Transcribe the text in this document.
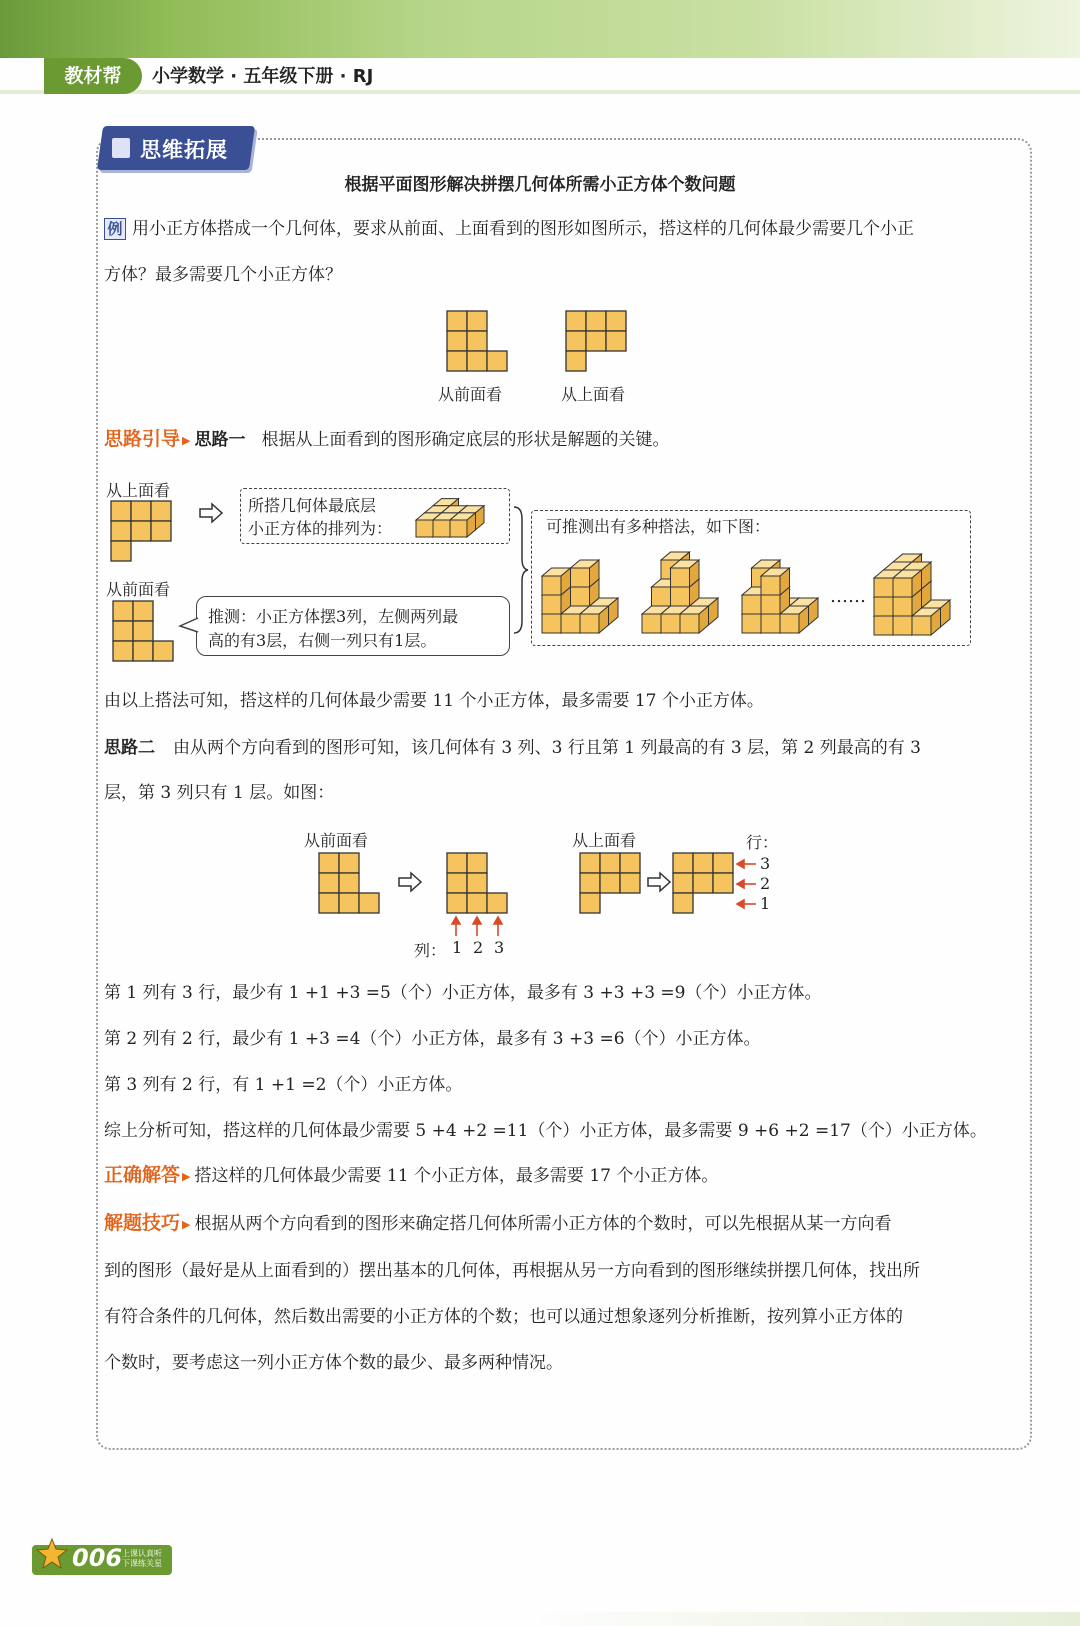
教材帮	小学数学 · 五年级下册 · RJ
思维拓展
根据平面图形解决拼摆几何体所需小正方体个数问题
例 用小正方体搭成一个几何体，要求从前面、上面看到的图形如图所示，搭这样的几何体最少需要几个小正
方体？最多需要几个小正方体？
从前面看	从上面看
思路引导 ▶ 思路一 根据从上面看到的图形确定底层的形状是解题的关键。
从上面看
所搭几何体最底层
小正方体的排列为：
从前面看
推测：小正方体摆3列，左侧两列最
高的有3层，右侧一列只有1层。
可推测出有多种搭法，如下图：
……
由以上搭法可知，搭这样的几何体最少需要 11 个小正方体，最多需要 17 个小正方体。
思路二 由从两个方向看到的图形可知，该几何体有 3 列、3 行且第 1 列最高的有 3 层，第 2 列最高的有 3
层，第 3 列只有 1 层。如图：
从前面看
列： 1 2 3
从上面看	行：
3
2
1
第 1 列有 3 行，最少有 1 +1 +3 =5（个）小正方体，最多有 3 +3 +3 =9（个）小正方体。
第 2 列有 2 行，最少有 1 +3 =4（个）小正方体，最多有 3 +3 =6（个）小正方体。
第 3 列有 2 行，有 1 +1 =2（个）小正方体。
综上分析可知，搭这样的几何体最少需要 5 +4 +2 =11（个）小正方体，最多需要 9 +6 +2 =17（个）小正方体。
正确解答 ▶ 搭这样的几何体最少需要 11 个小正方体，最多需要 17 个小正方体。
解题技巧 ▶ 根据从两个方向看到的图形来确定搭几何体所需小正方体的个数时，可以先根据从某一方向看
到的图形（最好是从上面看到的）摆出基本的几何体，再根据从另一方向看到的图形继续拼摆几何体，找出所
有符合条件的几何体，然后数出需要的小正方体的个数；也可以通过想象逐列分析推断，按列算小正方体的
个数时，要考虑这一列小正方体个数的最少、最多两种情况。
006 上课认真听
下课练关星
